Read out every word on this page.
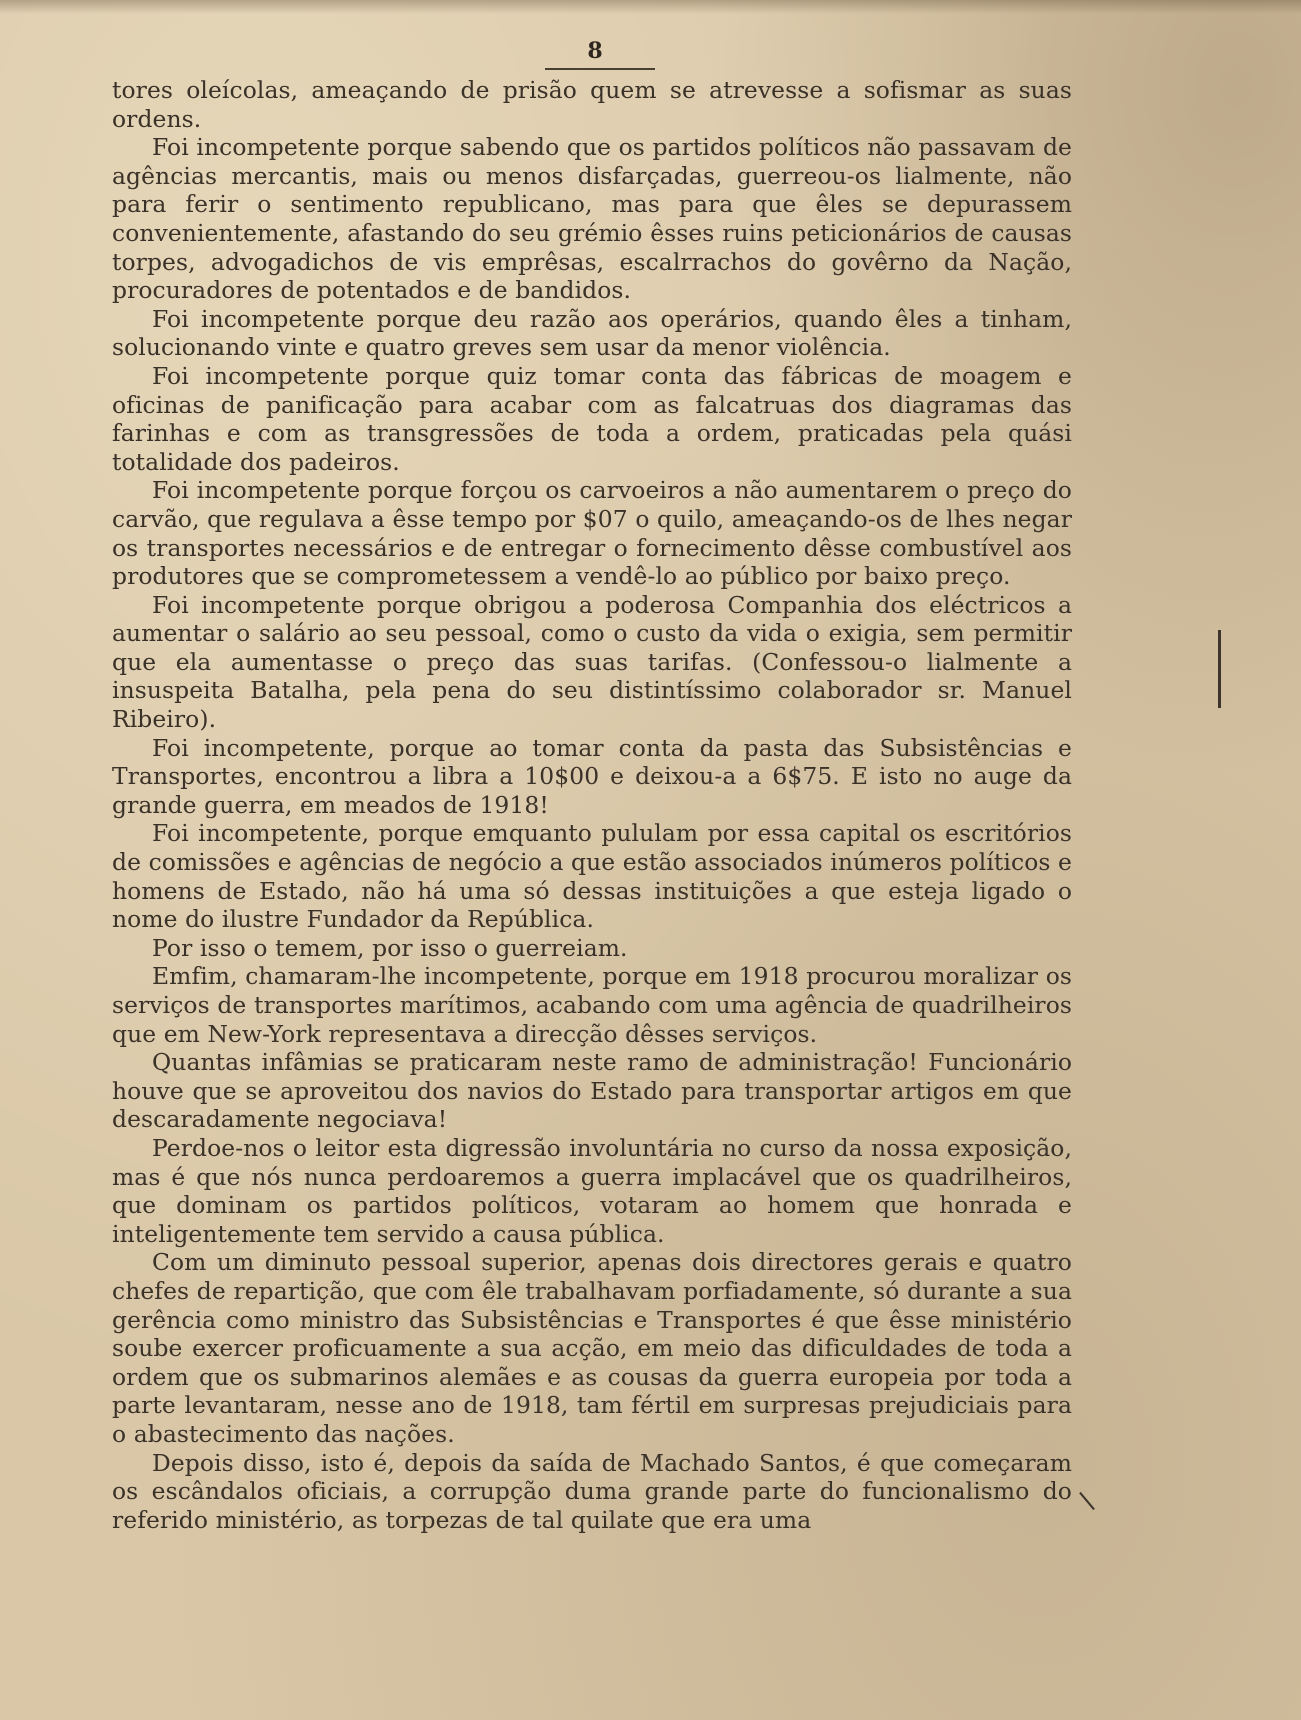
8

tores oleícolas, ameaçando de prisão quem se atrevesse a sofismar as suas ordens.

Foi incompetente porque sabendo que os partidos políticos não passavam de agências mercantis, mais ou menos disfarçadas, guerreou-os lialmente, não para ferir o sentimento republicano, mas para que êles se depurassem convenientemente, afastando do seu grémio êsses ruins peticionários de causas torpes, advogadichos de vis emprêsas, escalrrachos do govêrno da Nação, procuradores de potentados e de bandidos.

Foi incompetente porque deu razão aos operários, quando êles a tinham, solucionando vinte e quatro greves sem usar da menor violência.

Foi incompetente porque quiz tomar conta das fábricas de moagem e oficinas de panificação para acabar com as falcatruas dos diagramas das farinhas e com as transgressões de toda a ordem, praticadas pela quási totalidade dos padeiros.

Foi incompetente porque forçou os carvoeiros a não aumentarem o preço do carvão, que regulava a êsse tempo por $07 o quilo, ameaçando-os de lhes negar os transportes necessários e de entregar o fornecimento dêsse combustível aos produtores que se comprometessem a vendê-lo ao público por baixo preço.

Foi incompetente porque obrigou a poderosa Companhia dos eléctricos a aumentar o salário ao seu pessoal, como o custo da vida o exigia, sem permitir que ela aumentasse o preço das suas tarifas. (Confessou-o lialmente a insuspeita Batalha, pela pena do seu distintíssimo colaborador sr. Manuel Ribeiro).

Foi incompetente, porque ao tomar conta da pasta das Subsistências e Transportes, encontrou a libra a 10$00 e deixou-a a 6$75. E isto no auge da grande guerra, em meados de 1918!

Foi incompetente, porque emquanto pululam por essa capital os escritórios de comissões e agências de negócio a que estão associados inúmeros políticos e homens de Estado, não há uma só dessas instituições a que esteja ligado o nome do ilustre Fundador da República.

Por isso o temem, por isso o guerreiam.

Emfim, chamaram-lhe incompetente, porque em 1918 procurou moralizar os serviços de transportes marítimos, acabando com uma agência de quadrilheiros que em New-York representava a direcção dêsses serviços.

Quantas infâmias se praticaram neste ramo de administração! Funcionário houve que se aproveitou dos navios do Estado para transportar artigos em que descaradamente negociava!

Perdoe-nos o leitor esta digressão involuntária no curso da nossa exposição, mas é que nós nunca perdoaremos a guerra implacável que os quadrilheiros, que dominam os partidos políticos, votaram ao homem que honrada e inteligentemente tem servido a causa pública.

Com um diminuto pessoal superior, apenas dois directores gerais e quatro chefes de repartição, que com êle trabalhavam porfiadamente, só durante a sua gerência como ministro das Subsistências e Transportes é que êsse ministério soube exercer proficuamente a sua acção, em meio das dificuldades de toda a ordem que os submarinos alemães e as cousas da guerra europeia por toda a parte levantaram, nesse ano de 1918, tam fértil em surpresas prejudiciais para o abastecimento das nações.

Depois disso, isto é, depois da saída de Machado Santos, é que começaram os escândalos oficiais, a corrupção duma grande parte do funcionalismo do referido ministério, as torpezas de tal quilate que era uma
